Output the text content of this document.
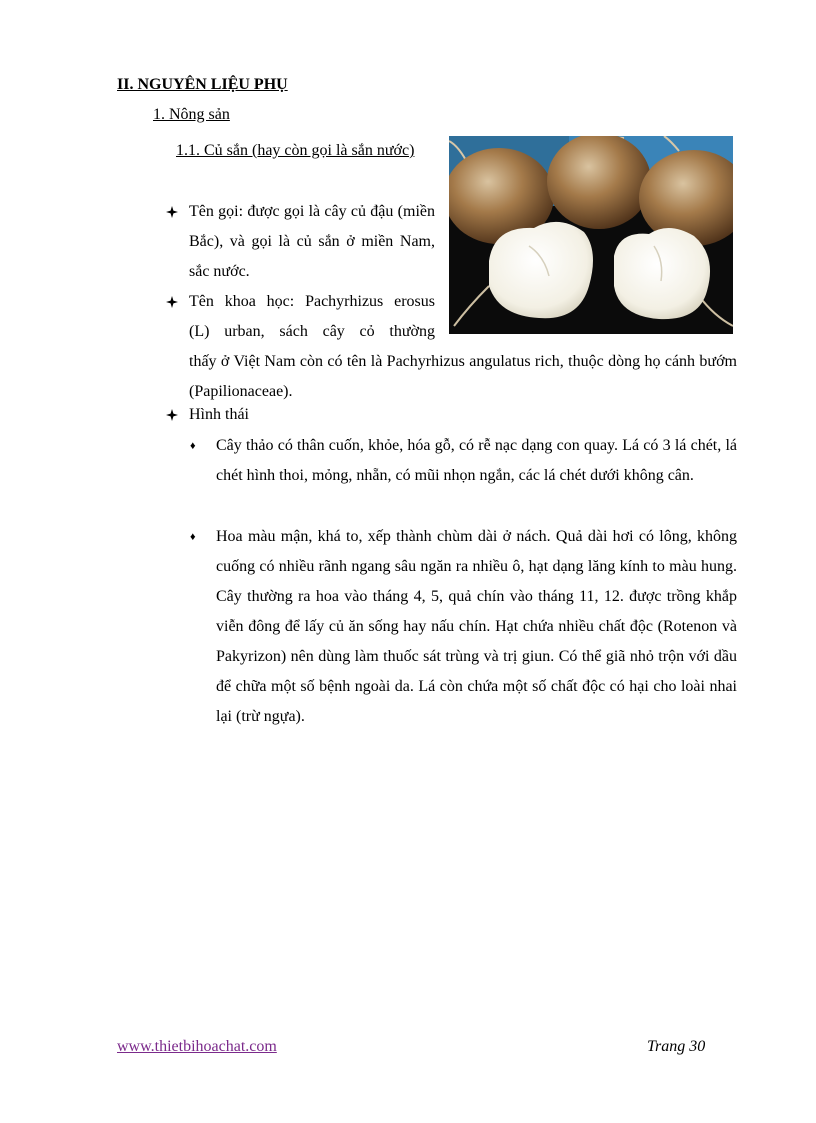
II. NGUYÊN LIỆU PHỤ
1. Nông sản
1.1. Củ sắn (hay còn gọi là sắn nước)
Tên gọi: được gọi là cây củ đậu (miền Bắc), và gọi là củ sắn ở miền Nam, sắc nước.
Tên khoa học: Pachyrhizus erosus
(L) urban, sách cây cỏ thường
thấy ở Việt Nam còn có tên là Pachyrhizus angulatus rich, thuộc dòng họ cánh bướm (Papilionaceae).
Hình thái
♦	Cây thảo có thân cuốn, khỏe, hóa gỗ, có rễ nạc dạng con quay. Lá có 3 lá chét, lá chét hình thoi, mỏng, nhẵn, có mũi nhọn ngắn, các lá chét dưới không cân.
♦	Hoa màu mận, khá to, xếp thành chùm dài ở nách. Quả dài hơi có lông, không cuống có nhiều rãnh ngang sâu ngăn ra nhiều ô, hạt dạng lăng kính to màu hung. Cây thường ra hoa vào tháng 4, 5, quả chín vào tháng 11, 12. được trồng khắp viễn đông để lấy củ ăn sống hay nấu chín. Hạt chứa nhiều chất độc (Rotenon và Pakyrizon) nên dùng làm thuốc sát trùng và trị giun. Có thể giã nhỏ trộn với dầu để chữa một số bệnh ngoài da. Lá còn chứa một số chất độc có hại cho loài nhai lại (trừ ngựa).
www.thietbihoachat.com	Trang 30
